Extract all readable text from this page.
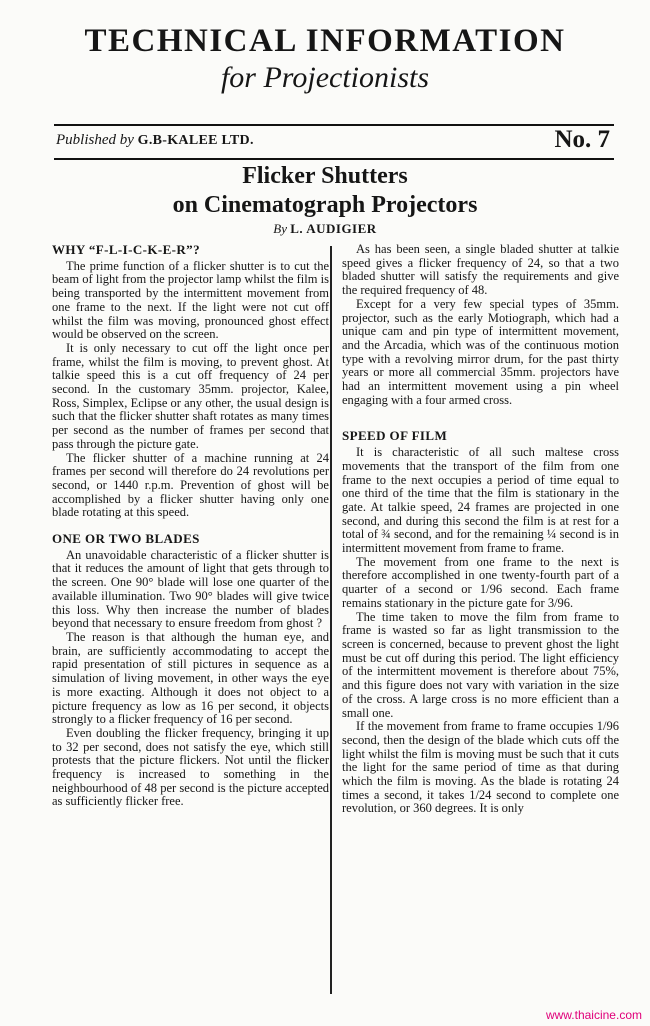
TECHNICAL INFORMATION
for Projectionists
Published by G.B-KALEE LTD.	No. 7
Flicker Shutters
on Cinematograph Projectors
By L. AUDIGIER
WHY “F-L-I-C-K-E-R”?

The prime function of a flicker shutter is to cut the beam of light from the projector lamp whilst the film is being transported by the intermittent movement from one frame to the next. If the light were not cut off whilst the film was moving, pronounced ghost effect would be observed on the screen.

It is only necessary to cut off the light once per frame, whilst the film is moving, to prevent ghost. At talkie speed this is a cut off frequency of 24 per second. In the customary 35mm. projector, Kalee, Ross, Simplex, Eclipse or any other, the usual design is such that the flicker shutter shaft rotates as many times per second as the number of frames per second that pass through the picture gate.

The flicker shutter of a machine running at 24 frames per second will therefore do 24 revolutions per second, or 1440 r.p.m. Prevention of ghost will be accomplished by a flicker shutter having only one blade rotating at this speed.

ONE OR TWO BLADES

An unavoidable characteristic of a flicker shutter is that it reduces the amount of light that gets through to the screen. One 90° blade will lose one quarter of the available illumination. Two 90° blades will give twice this loss. Why then increase the number of blades beyond that necessary to ensure freedom from ghost ?

The reason is that although the human eye, and brain, are sufficiently accommodating to accept the rapid presentation of still pictures in sequence as a simulation of living movement, in other ways the eye is more exacting. Although it does not object to a picture frequency as low as 16 per second, it objects strongly to a flicker frequency of 16 per second.

Even doubling the flicker frequency, bringing it up to 32 per second, does not satisfy the eye, which still protests that the picture flickers. Not until the flicker frequency is increased to something in the neighbourhood of 48 per second is the picture accepted as sufficiently flicker free.

As has been seen, a single bladed shutter at talkie speed gives a flicker frequency of 24, so that a two bladed shutter will satisfy the requirements and give the required frequency of 48.

Except for a very few special types of 35mm. projector, such as the early Motiograph, which had a unique cam and pin type of intermittent movement, and the Arcadia, which was of the continuous motion type with a revolving mirror drum, for the past thirty years or more all commercial 35mm. projectors have had an intermittent movement using a pin wheel engaging with a four armed cross.

SPEED OF FILM

It is characteristic of all such maltese cross movements that the transport of the film from one frame to the next occupies a period of time equal to one third of the time that the film is stationary in the gate. At talkie speed, 24 frames are projected in one second, and during this second the film is at rest for a total of ¾ second, and for the remaining ¼ second is in intermittent movement from frame to frame.

The movement from one frame to the next is therefore accomplished in one twenty-fourth part of a quarter of a second or 1/96 second. Each frame remains stationary in the picture gate for 3/96.

The time taken to move the film from frame to frame is wasted so far as light transmission to the screen is concerned, because to prevent ghost the light must be cut off during this period. The light efficiency of the intermittent movement is therefore about 75%, and this figure does not vary with variation in the size of the cross. A large cross is no more efficient than a small one.

If the movement from frame to frame occupies 1/96 second, then the design of the blade which cuts off the light whilst the film is moving must be such that it cuts the light for the same period of time as that during which the film is moving. As the blade is rotating 24 times a second, it takes 1/24 second to complete one revolution, or 360 degrees. It is only

www.thaicine.com
